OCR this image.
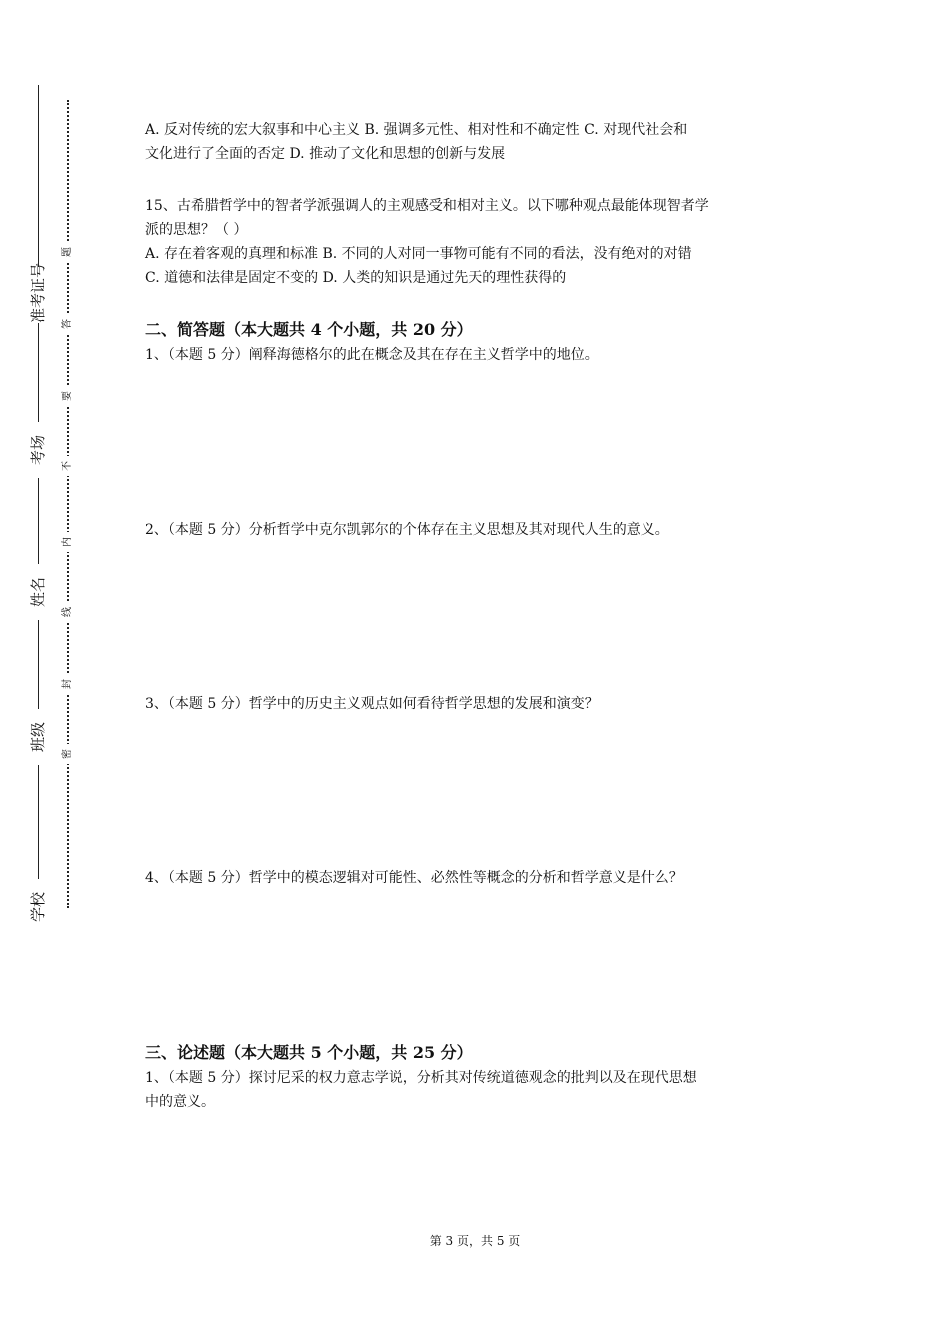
准考证号
考场
姓名
班级
学校
题
答
要
不
内
线
封
密

A. 反对传统的宏大叙事和中心主义 B. 强调多元性、相对性和不确定性 C. 对现代社会和

文化进行了全面的否定 D. 推动了文化和思想的创新与发展

15、古希腊哲学中的智者学派强调人的主观感受和相对主义。以下哪种观点最能体现智者学

派的思想？（ ）

A. 存在着客观的真理和标准 B. 不同的人对同一事物可能有不同的看法，没有绝对的对错

C. 道德和法律是固定不变的 D. 人类的知识是通过先天的理性获得的

二、简答题（本大题共 4 个小题，共 20 分）
1、（本题 5 分）阐释海德格尔的此在概念及其在存在主义哲学中的地位。
2、（本题 5 分）分析哲学中克尔凯郭尔的个体存在主义思想及其对现代人生的意义。
3、（本题 5 分）哲学中的历史主义观点如何看待哲学思想的发展和演变？
4、（本题 5 分）哲学中的模态逻辑对可能性、必然性等概念的分析和哲学意义是什么？
三、论述题（本大题共 5 个小题，共 25 分）

1、（本题 5 分）探讨尼采的权力意志学说，分析其对传统道德观念的批判以及在现代思想

中的意义。

第 3 页，共 5 页
